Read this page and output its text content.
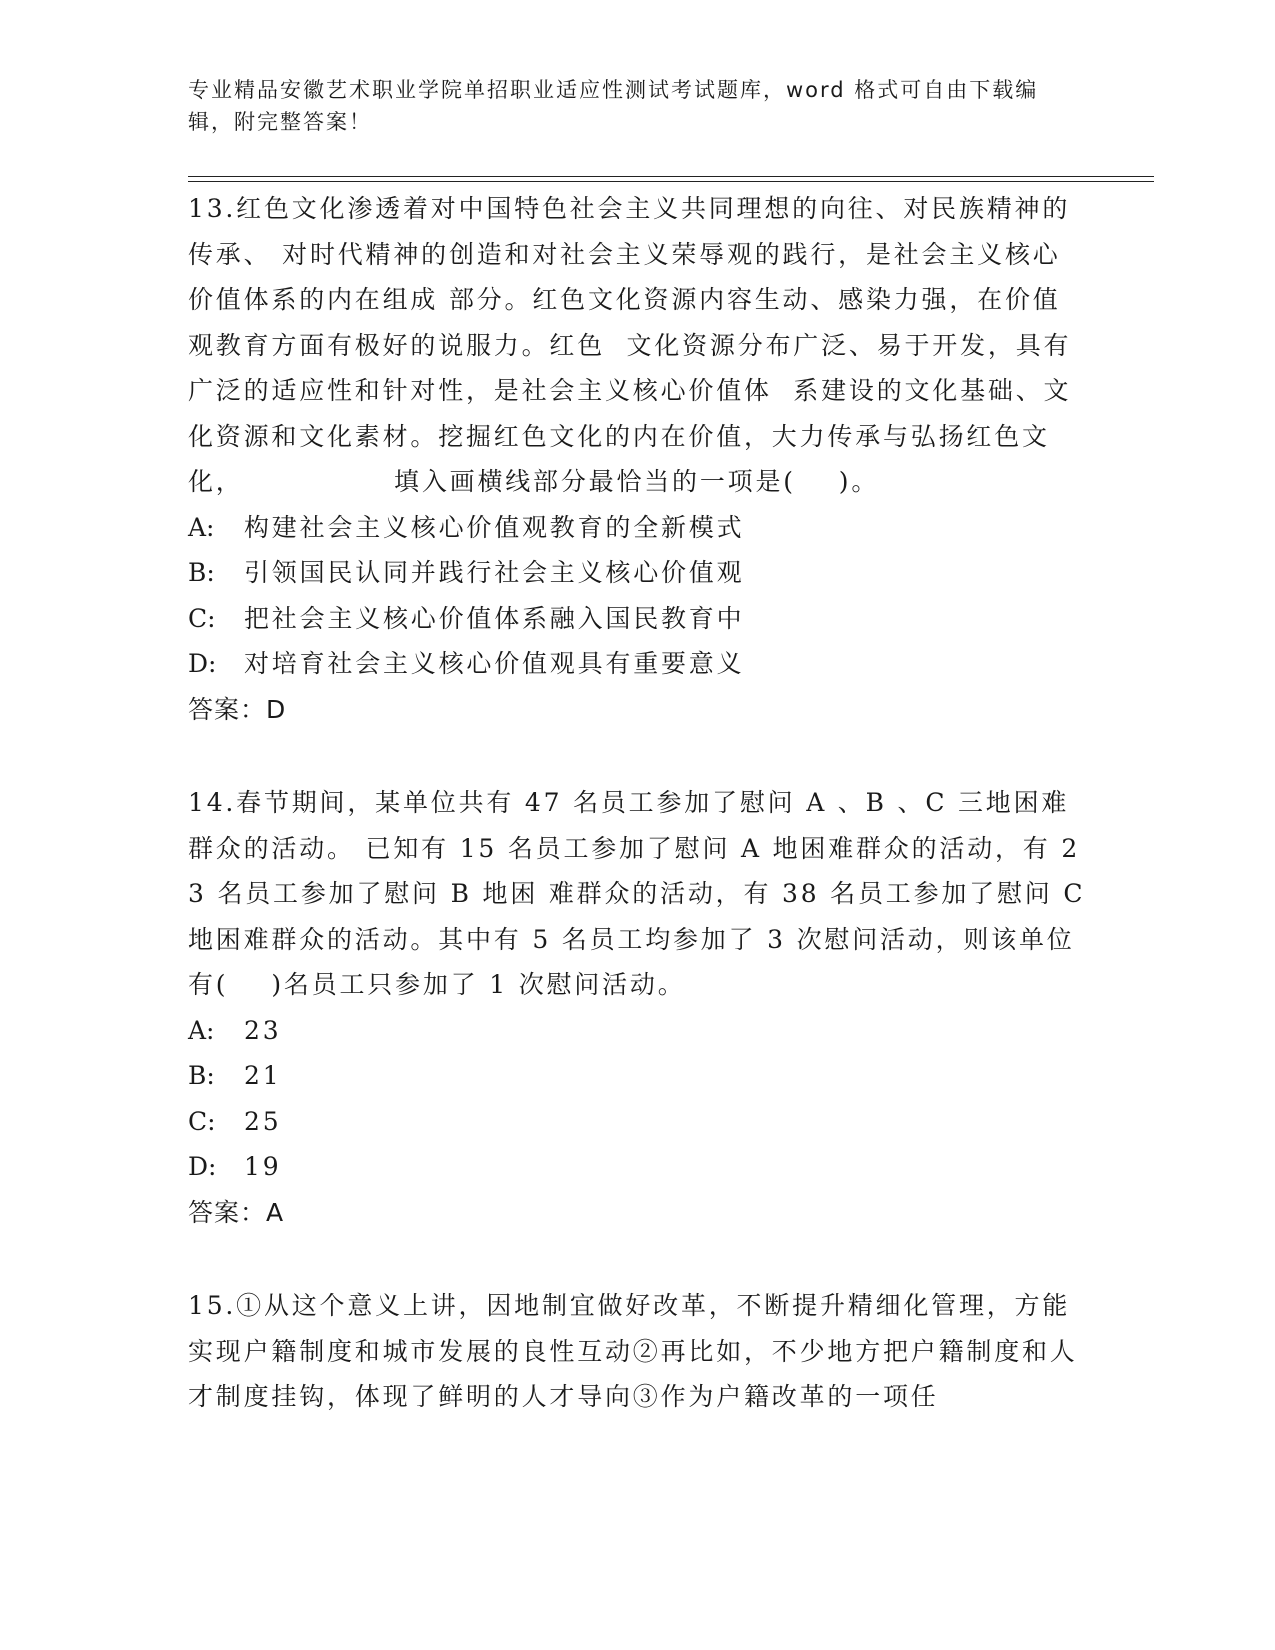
专业精品安徽艺术职业学院单招职业适应性测试考试题库，word 格式可自由下载编辑，附完整答案！

13.红色文化渗透着对中国特色社会主义共同理想的向往、对民族精神的传承、 对时代精神的创造和对社会主义荣辱观的践行，是社会主义核心价值体系的内在组成 部分。红色文化资源内容生动、感染力强，在价值观教育方面有极好的说服力。红色  文化资源分布广泛、易于开发，具有广泛的适应性和针对性，是社会主义核心价值体  系建设的文化基础、文化资源和文化素材。挖掘红色文化的内在价值，大力传承与弘扬红色文化，              填入画横线部分最恰当的一项是(    )。

A: 构建社会主义核心价值观教育的全新模式
B: 引领国民认同并践行社会主义核心价值观
C: 把社会主义核心价值体系融入国民教育中
D: 对培育社会主义核心价值观具有重要意义
答案：D

14.春节期间，某单位共有 47 名员工参加了慰问 A 、B 、C 三地困难群众的活动。 已知有 15 名员工参加了慰问 A 地困难群众的活动，有 23 名员工参加了慰问 B 地困 难群众的活动，有 38 名员工参加了慰问 C 地困难群众的活动。其中有 5 名员工均参加了 3 次慰问活动，则该单位有(    )名员工只参加了 1 次慰问活动。

A: 23
B: 21
C: 25
D: 19
答案：A

15.①从这个意义上讲，因地制宜做好改革，不断提升精细化管理，方能实现户籍制度和城市发展的良性互动②再比如，不少地方把户籍制度和人才制度挂钩，体现了鲜明的人才导向③作为户籍改革的一项任
